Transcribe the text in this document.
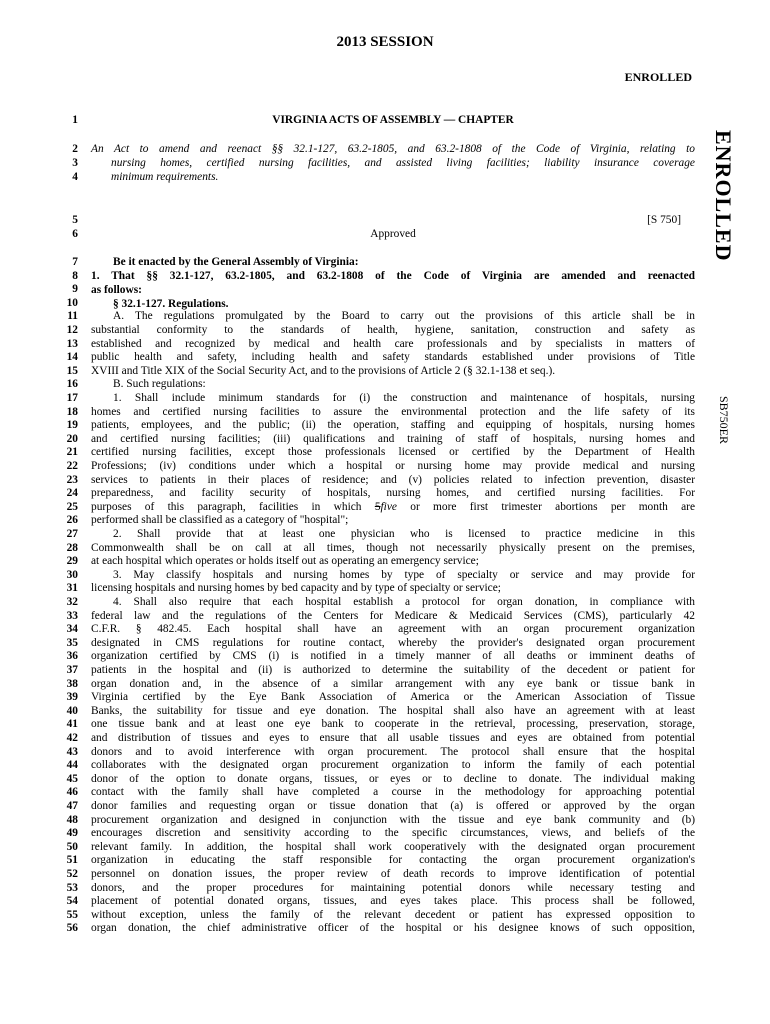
2013 SESSION
ENROLLED
ENROLLED
SB750ER
1
2
3
4
5
6
7
8
9
10
11
12
13
14
15
16
17
18
19
20
21
22
23
24
25
26
27
28
29
30
31
32
33
34
35
36
37
38
39
40
41
42
43
44
45
46
47
48
49
50
51
52
53
54
55
56
VIRGINIA ACTS OF ASSEMBLY –– CHAPTER
An Act to amend and reenact §§ 32.1-127, 63.2-1805, and 63.2-1808 of the Code of Virginia, relating to
nursing homes, certified nursing facilities, and assisted living facilities; liability insurance coverage
minimum requirements.
[S 750]
Approved
Be it enacted by the General Assembly of Virginia:
1. That §§ 32.1-127, 63.2-1805, and 63.2-1808 of the Code of Virginia are amended and reenacted
as follows:
§ 32.1-127. Regulations.
A. The regulations promulgated by the Board to carry out the provisions of this article shall be in
substantial conformity to the standards of health, hygiene, sanitation, construction and safety as
established and recognized by medical and health care professionals and by specialists in matters of
public health and safety, including health and safety standards established under provisions of Title
XVIII and Title XIX of the Social Security Act, and to the provisions of Article 2 (§ 32.1-138 et seq.).
B. Such regulations:
1. Shall include minimum standards for (i) the construction and maintenance of hospitals, nursing
homes and certified nursing facilities to assure the environmental protection and the life safety of its
patients, employees, and the public; (ii) the operation, staffing and equipping of hospitals, nursing homes
and certified nursing facilities; (iii) qualifications and training of staff of hospitals, nursing homes and
certified nursing facilities, except those professionals licensed or certified by the Department of Health
Professions; (iv) conditions under which a hospital or nursing home may provide medical and nursing
services to patients in their places of residence; and (v) policies related to infection prevention, disaster
preparedness, and facility security of hospitals, nursing homes, and certified nursing facilities. For
purposes of this paragraph, facilities in which 5five or more first trimester abortions per month are
performed shall be classified as a category of "hospital";
2. Shall provide that at least one physician who is licensed to practice medicine in this
Commonwealth shall be on call at all times, though not necessarily physically present on the premises,
at each hospital which operates or holds itself out as operating an emergency service;
3. May classify hospitals and nursing homes by type of specialty or service and may provide for
licensing hospitals and nursing homes by bed capacity and by type of specialty or service;
4. Shall also require that each hospital establish a protocol for organ donation, in compliance with
federal law and the regulations of the Centers for Medicare & Medicaid Services (CMS), particularly 42
C.F.R. § 482.45. Each hospital shall have an agreement with an organ procurement organization
designated in CMS regulations for routine contact, whereby the provider's designated organ procurement
organization certified by CMS (i) is notified in a timely manner of all deaths or imminent deaths of
patients in the hospital and (ii) is authorized to determine the suitability of the decedent or patient for
organ donation and, in the absence of a similar arrangement with any eye bank or tissue bank in
Virginia certified by the Eye Bank Association of America or the American Association of Tissue
Banks, the suitability for tissue and eye donation. The hospital shall also have an agreement with at least
one tissue bank and at least one eye bank to cooperate in the retrieval, processing, preservation, storage,
and distribution of tissues and eyes to ensure that all usable tissues and eyes are obtained from potential
donors and to avoid interference with organ procurement. The protocol shall ensure that the hospital
collaborates with the designated organ procurement organization to inform the family of each potential
donor of the option to donate organs, tissues, or eyes or to decline to donate. The individual making
contact with the family shall have completed a course in the methodology for approaching potential
donor families and requesting organ or tissue donation that (a) is offered or approved by the organ
procurement organization and designed in conjunction with the tissue and eye bank community and (b)
encourages discretion and sensitivity according to the specific circumstances, views, and beliefs of the
relevant family. In addition, the hospital shall work cooperatively with the designated organ procurement
organization in educating the staff responsible for contacting the organ procurement organization's
personnel on donation issues, the proper review of death records to improve identification of potential
donors, and the proper procedures for maintaining potential donors while necessary testing and
placement of potential donated organs, tissues, and eyes takes place. This process shall be followed,
without exception, unless the family of the relevant decedent or patient has expressed opposition to
organ donation, the chief administrative officer of the hospital or his designee knows of such opposition,
